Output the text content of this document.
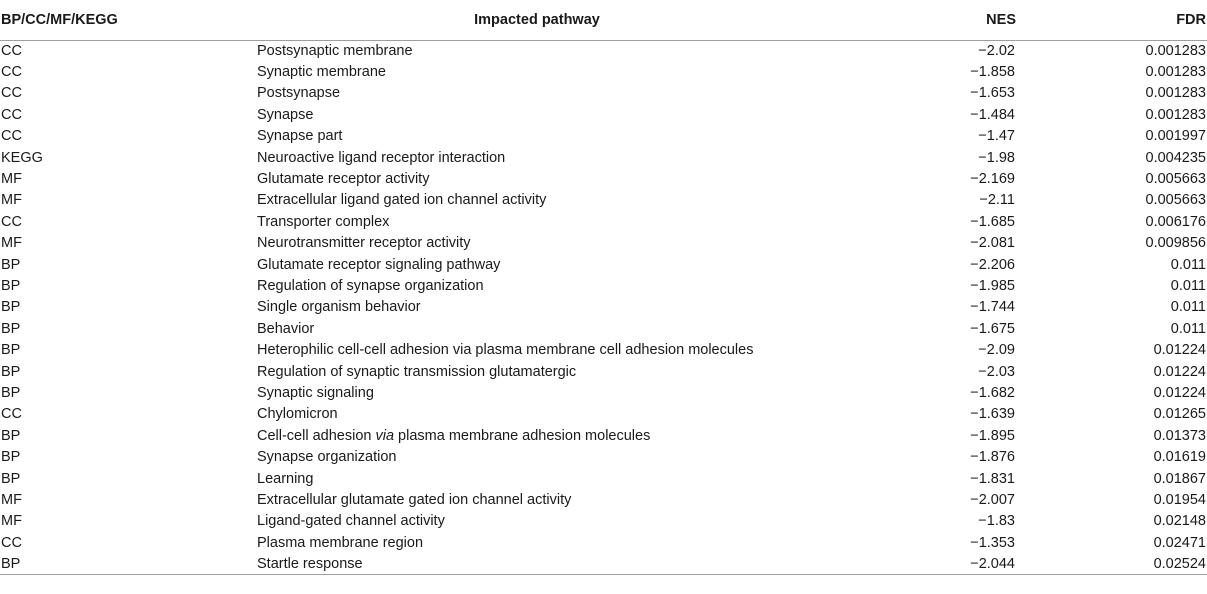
BP/CC/MF/KEGG	Impacted pathway	NES	FDR
CC	Postsynaptic membrane	−2.02	0.001283
CC	Synaptic membrane	−1.858	0.001283
CC	Postsynapse	−1.653	0.001283
CC	Synapse	−1.484	0.001283
CC	Synapse part	−1.47	0.001997
KEGG	Neuroactive ligand receptor interaction	−1.98	0.004235
MF	Glutamate receptor activity	−2.169	0.005663
MF	Extracellular ligand gated ion channel activity	−2.11	0.005663
CC	Transporter complex	−1.685	0.006176
MF	Neurotransmitter receptor activity	−2.081	0.009856
BP	Glutamate receptor signaling pathway	−2.206	0.011
BP	Regulation of synapse organization	−1.985	0.011
BP	Single organism behavior	−1.744	0.011
BP	Behavior	−1.675	0.011
BP	Heterophilic cell-cell adhesion via plasma membrane cell adhesion molecules	−2.09	0.01224
BP	Regulation of synaptic transmission glutamatergic	−2.03	0.01224
BP	Synaptic signaling	−1.682	0.01224
CC	Chylomicron	−1.639	0.01265
BP	Cell-cell adhesion via plasma membrane adhesion molecules	−1.895	0.01373
BP	Synapse organization	−1.876	0.01619
BP	Learning	−1.831	0.01867
MF	Extracellular glutamate gated ion channel activity	−2.007	0.01954
MF	Ligand-gated channel activity	−1.83	0.02148
CC	Plasma membrane region	−1.353	0.02471
BP	Startle response	−2.044	0.02524
